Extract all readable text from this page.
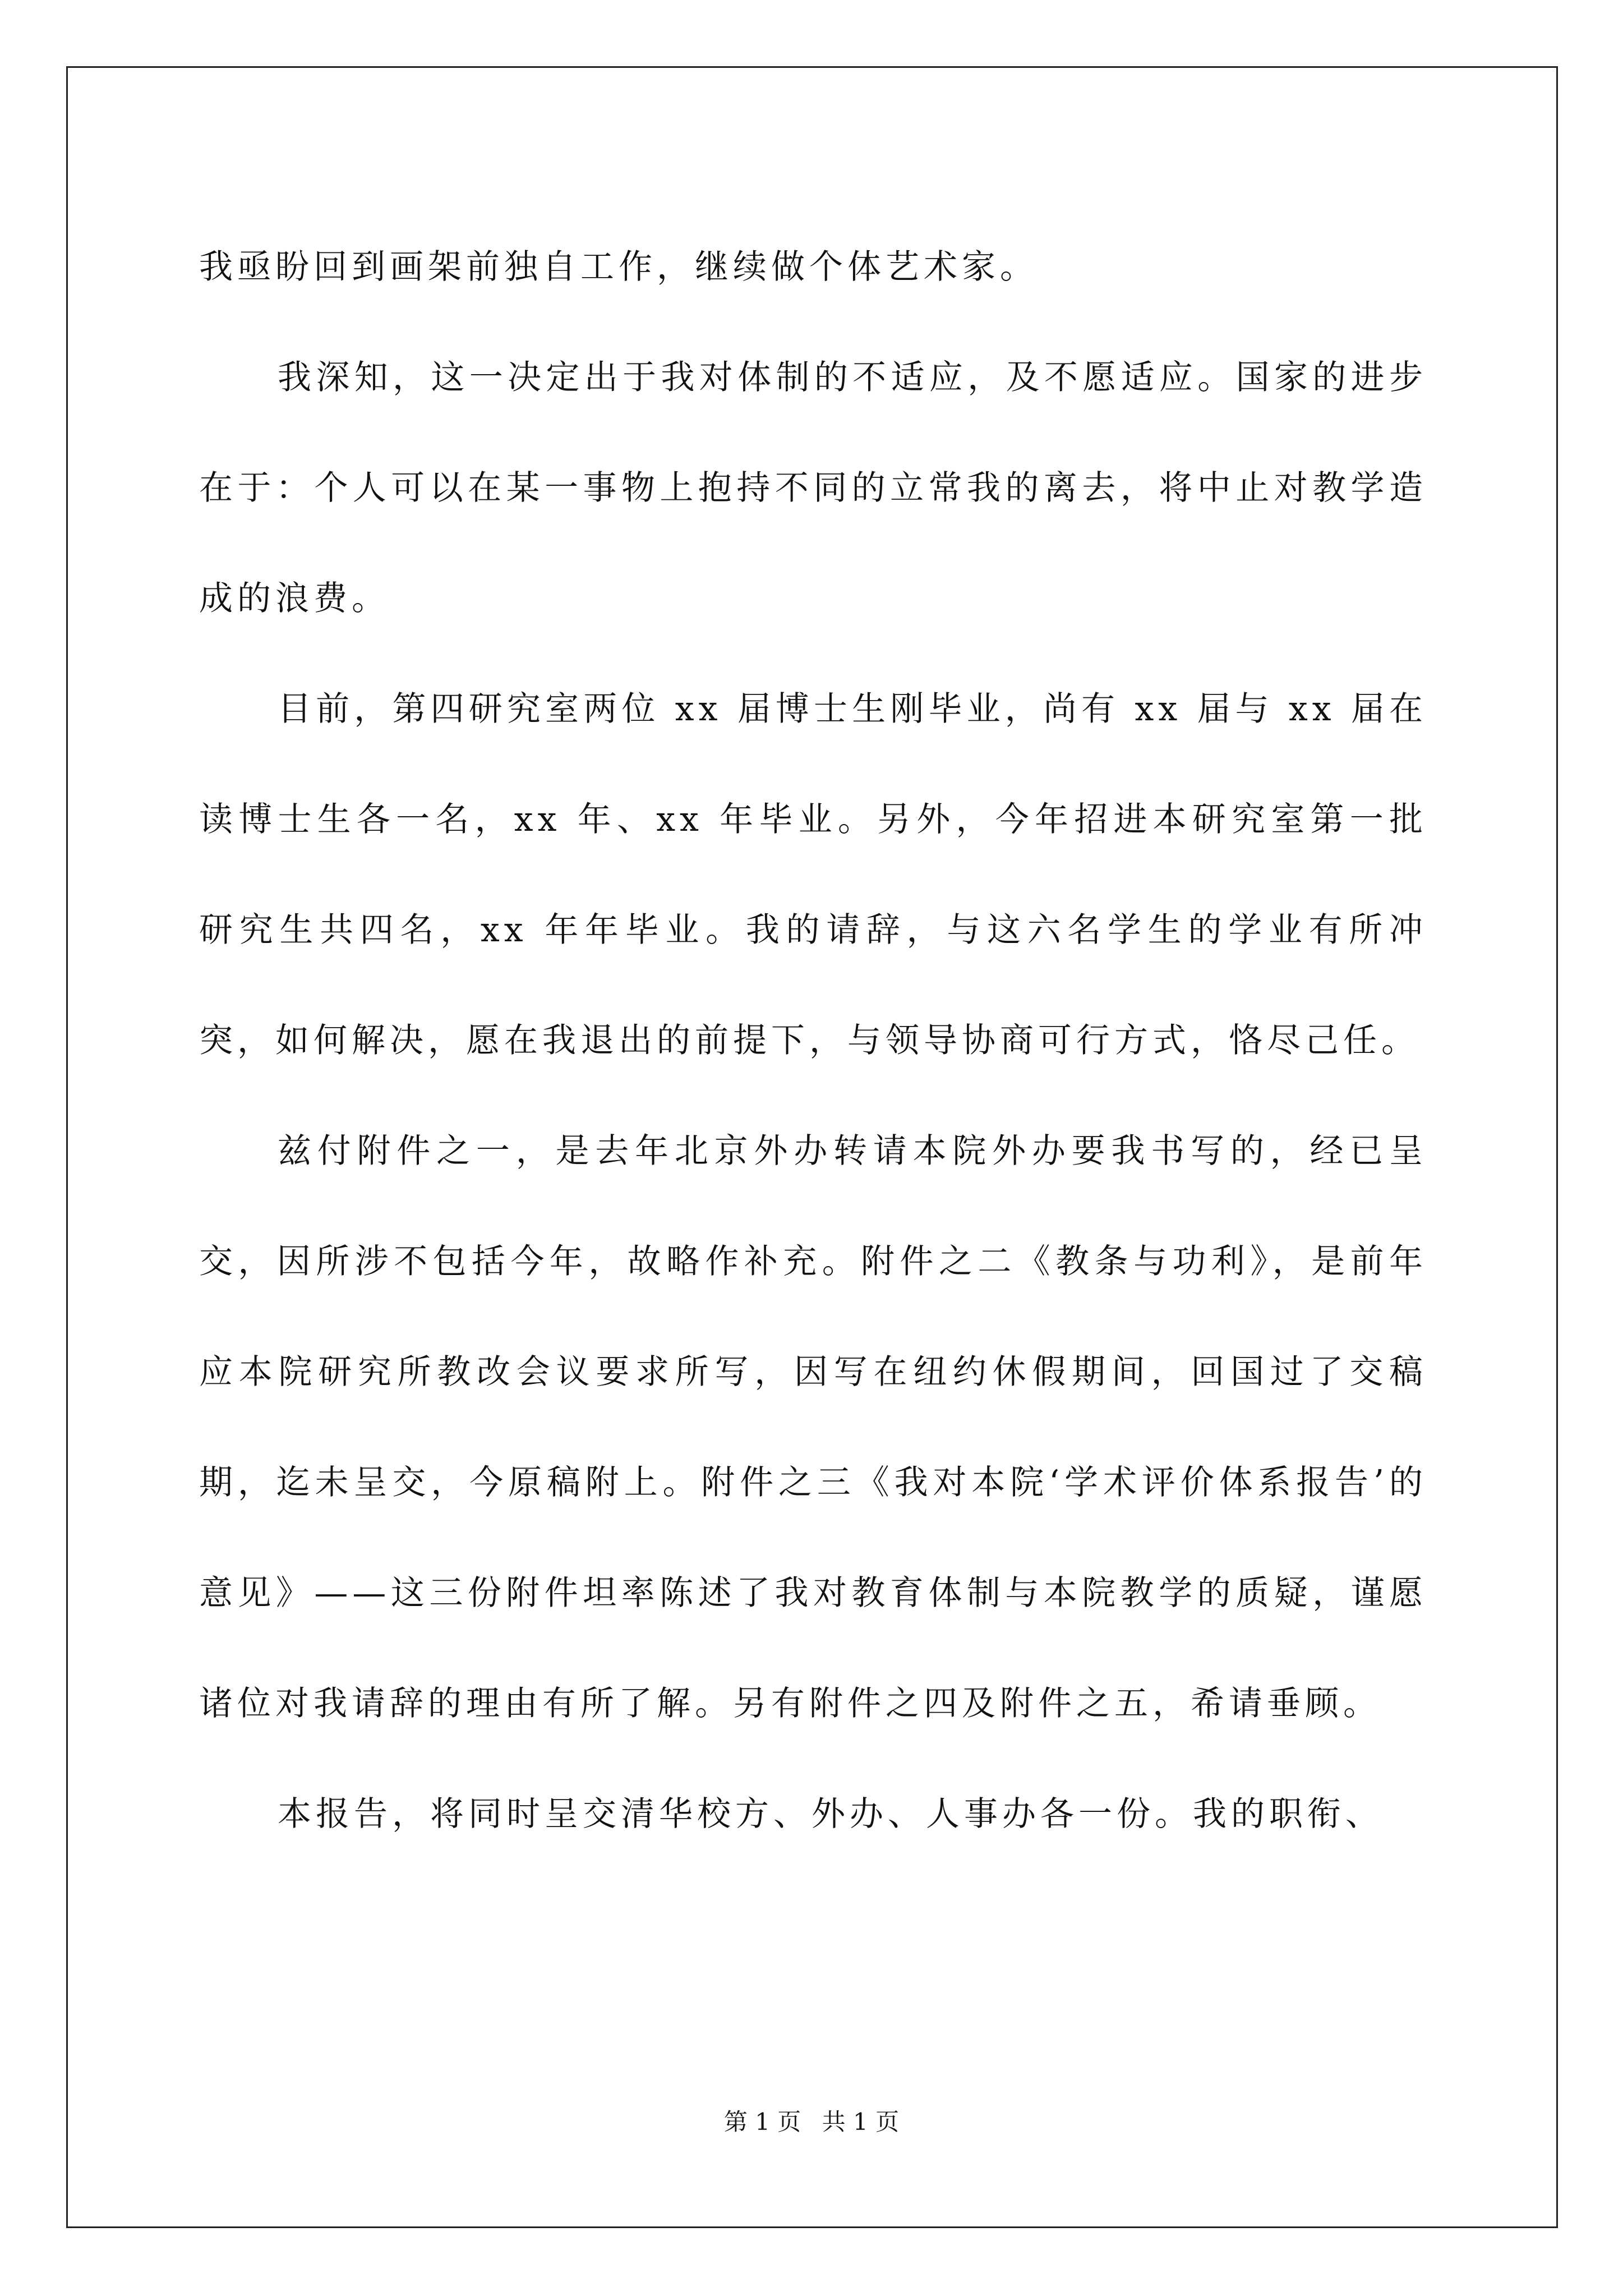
我亟盼回到画架前独自工作，继续做个体艺术家。

我深知，这一决定出于我对体制的不适应，及不愿适应。国家的进步在于：个人可以在某一事物上抱持不同的立常我的离去，将中止对教学造成的浪费。

目前，第四研究室两位 xx 届博士生刚毕业，尚有 xx 届与 xx 届在读博士生各一名，xx 年、xx 年毕业。另外，今年招进本研究室第一批研究生共四名，xx 年年毕业。我的请辞，与这六名学生的学业有所冲突，如何解决，愿在我退出的前提下，与领导协商可行方式，恪尽己任。

兹付附件之一，是去年北京外办转请本院外办要我书写的，经已呈交，因所涉不包括今年，故略作补充。附件之二《教条与功利》，是前年应本院研究所教改会议要求所写，因写在纽约休假期间，回国过了交稿期，迄未呈交，今原稿附上。附件之三《我对本院‘学术评价体系报告’的意见》——这三份附件坦率陈述了我对教育体制与本院教学的质疑，谨愿诸位对我请辞的理由有所了解。另有附件之四及附件之五，希请垂顾。

本报告，将同时呈交清华校方、外办、人事办各一份。我的职衔、

第 1 页 共 1 页
